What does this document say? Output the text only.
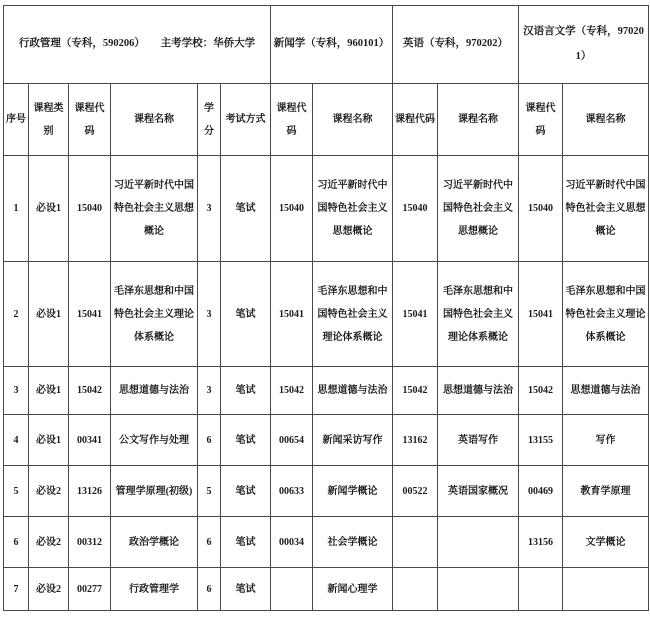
行政管理（专科，590206）　　主考学校：华侨大学						新闻学（专科，960101）		英语（专科，970202）		汉语言文学（专科，970201）	
序号	课程类别	课程代码	课程名称	学分	考试方式	课程代码	课程名称	课程代码	课程名称	课程代码	课程名称
1	必设1	15040	习近平新时代中国特色社会主义思想概论	3	笔试	15040	习近平新时代中国特色社会主义思想概论	15040	习近平新时代中国特色社会主义思想概论	15040	习近平新时代中国特色社会主义思想概论
2	必设1	15041	毛泽东思想和中国特色社会主义理论体系概论	3	笔试	15041	毛泽东思想和中国特色社会主义理论体系概论	15041	毛泽东思想和中国特色社会主义理论体系概论	15041	毛泽东思想和中国特色社会主义理论体系概论
3	必设1	15042	思想道德与法治	3	笔试	15042	思想道德与法治	15042	思想道德与法治	15042	思想道德与法治
4	必设1	00341	公文写作与处理	6	笔试	00654	新闻采访写作	13162	英语写作	13155	写作
5	必设2	13126	管理学原理(初级)	5	笔试	00633	新闻学概论	00522	英语国家概况	00469	教育学原理
6	必设2	00312	政治学概论	6	笔试	00034	社会学概论			13156	文学概论
7	必设2	00277	行政管理学	6	笔试		新闻心理学				
